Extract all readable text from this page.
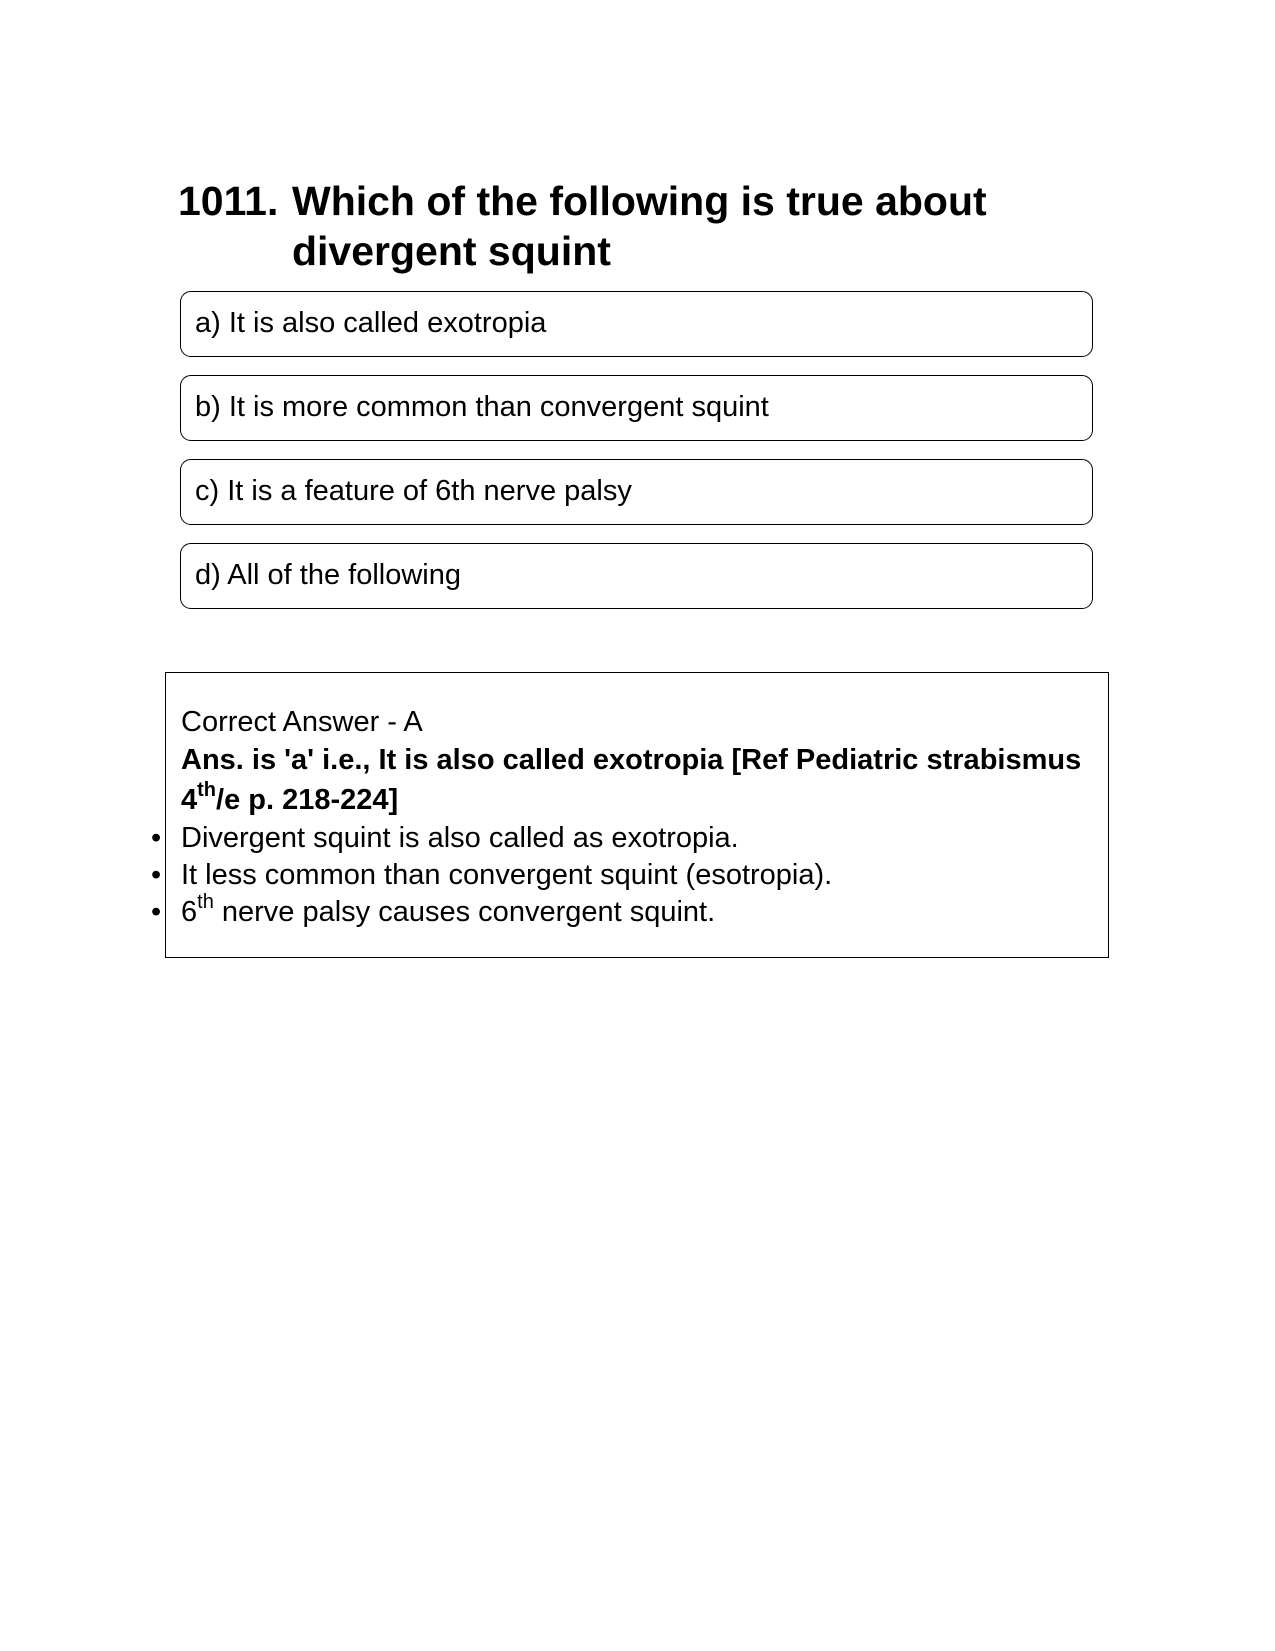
1011. Which of the following is true about divergent squint
a) It is also called exotropia
b) It is more common than convergent squint
c) It is a feature of 6th nerve palsy
d) All of the following
Correct Answer - A
Ans. is 'a' i.e., It is also called exotropia [Ref Pediatric strabismus 4th/e p. 218-224]
• Divergent squint is also called as exotropia.
• It less common than convergent squint (esotropia).
• 6th nerve palsy causes convergent squint.
